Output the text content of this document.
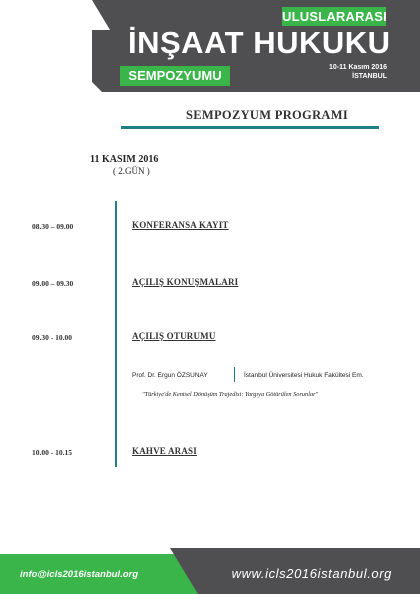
ULUSLARARASI
İNŞAAT HUKUKU
SEMPOZYUMU
10-11 Kasım 2016
İSTANBUL
SEMPOZYUM PROGRAMI
11 KASIM 2016
( 2.GÜN )
08.30 – 09.00	KONFERANSA KAYIT
09.00 – 09.30	AÇILIŞ KONUŞMALARI
09.30 - 10.00	AÇILIŞ OTURUMU
Prof. Dr. Ergun ÖZSUNAY	İstanbul Üniversitesi Hukuk Fakültesi Em.
"Türkiye'de Kentsel Dönüşüm Trajedisi: Yargıya Götürülen Sorunlar"
10.00 - 10.15	KAHVE ARASI
info@icls2016istanbul.org	www.icls2016istanbul.org
